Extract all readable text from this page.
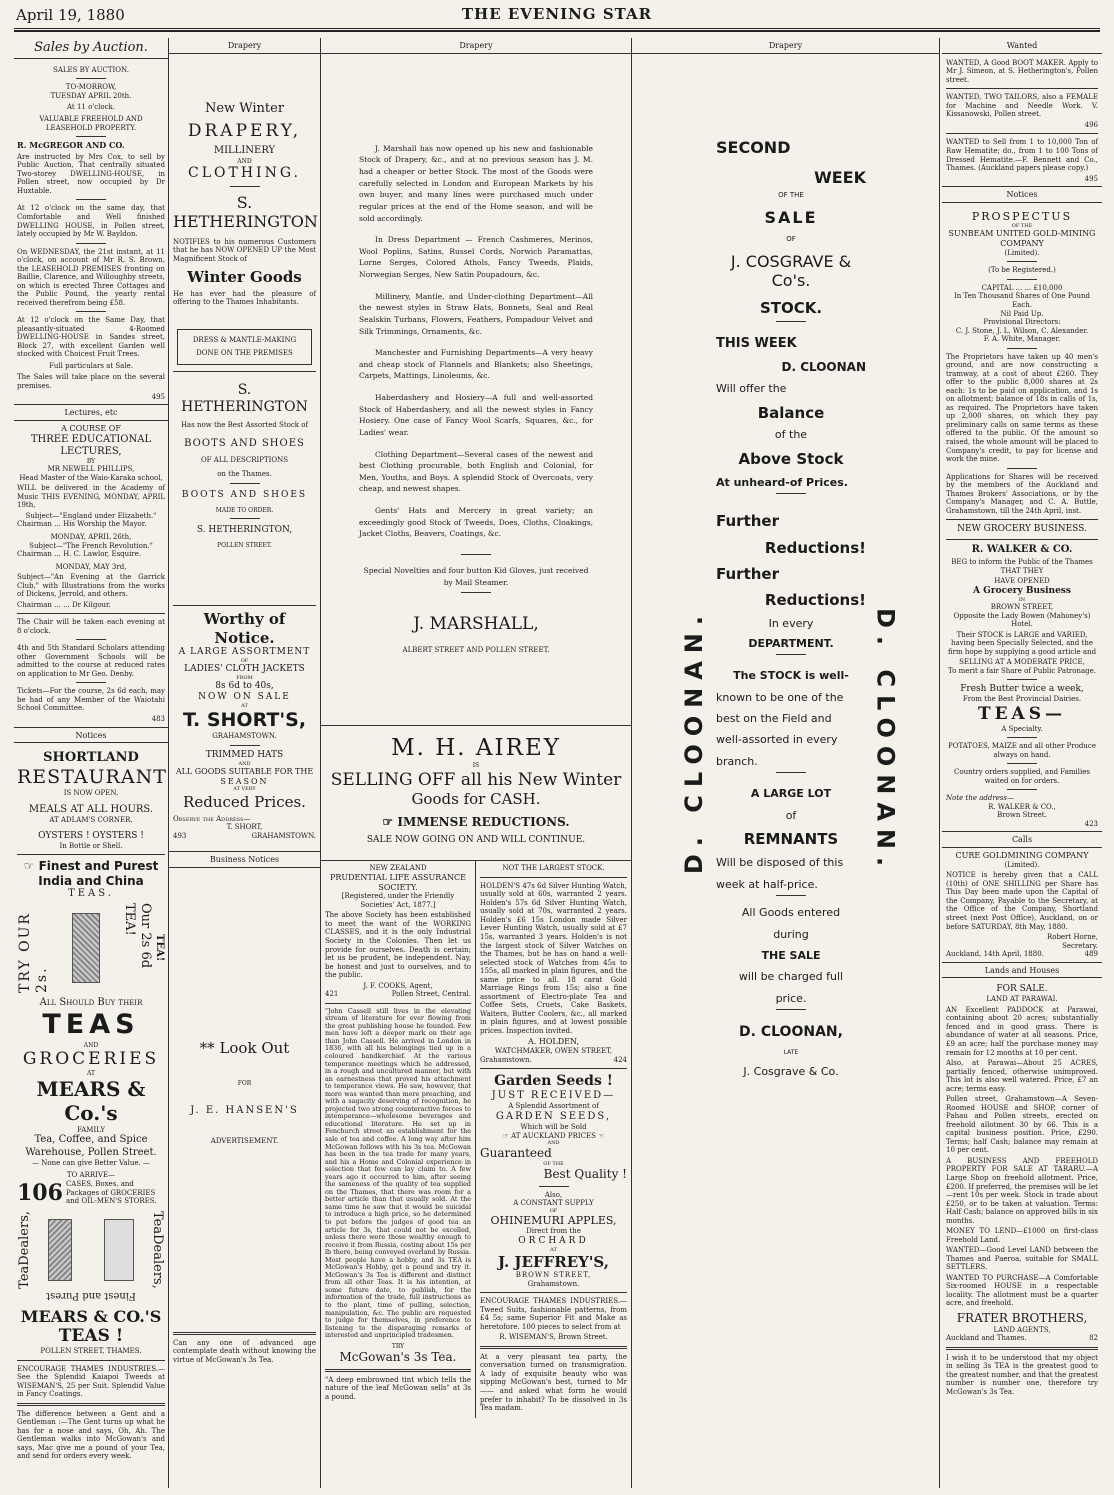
April 19, 1880	THE EVENING STAR
Sales by Auction.
SALES BY AUCTION.
TO-MORROW,
TUESDAY APRIL 20th.
At 11 o'clock.
VALUABLE FREEHOLD AND
LEASEHOLD PROPERTY.
R. McGREGOR AND CO.

Are instructed by Mrs Cox, to sell by Public Auction, That centrally situated Two-storey DWELLING-HOUSE, in Pollen street, now occupied by Dr Huxtable.

At 12 o'clock on the same day, that Comfortable and Well finished DWELLING HOUSE, in Pollen street, lately occupied by Mr W. Bayldon.

On WEDNESDAY, the 21st instant, at 11 o'clock, on account of Mr R. S. Brown, the LEASEHOLD PREMISES fronting on Baillie, Clarence, and Willoughby streets, on which is erected Three Cottages and the Public Pound, the yearly rental received therefrom being £58.

At 12 o'clock on the Same Day, that pleasantly-situated 4-Roomed DWELLING-HOUSE in Sandes street, Block 27, with excellent Garden well stocked with Choicest Fruit Trees.

Full particulars at Sale.

The Sales will take place on the several premises.

495
Lectures, etc
A COURSE OF
THREE EDUCATIONAL
LECTURES,
BY
MR NEWELL PHILLIPS,
Head Master of the Waio-Karaka school,

WILL be delivered in the Academy of Music THIS EVENING, MONDAY, APRIL 19th,

Subject—"England under Elizabeth."
Chairman ... His Worship the Mayor.
MONDAY, APRIL 26th,
Subject—"The French Revolution."
Chairman ... H. C. Lawlor, Esquire.
MONDAY, MAY 3rd,

Subject—"An Evening at the Garrick Club," with Illustrations from the works of Dickens, Jerrold, and others.

Chairman ... ... Dr Kilgour.

The Chair will be taken each evening at 8 o'clock.

4th and 5th Standard Scholars attending other Government Schools will be admitted to the course at reduced rates on application to Mr Geo. Denby.

Tickets—For the course, 2s 6d each, may be had of any Member of the Waiotahi School Committee.

483
Notices
SHORTLAND
RESTAURANT
IS NOW OPEN.
MEALS AT ALL HOURS.
AT ADLAM'S CORNER.
OYSTERS ! OYSTERS !
In Bottle or Shell.
☞ Finest and Purest
India and China
TEAS.
TRY OUR 2s.
Our 2s 6d TEA!
TEA!
All Should Buy their
TEAS
AND
GROCERIES
AT
MEARS & Co.'s
FAMILY
Tea, Coffee, and Spice Warehouse, Pollen Street.
— None can give Better Value. —
TO ARRIVE—
106 CASES, Boxes, and Packages of GROCERIES and OIL-MEN'S STORES.
TeaDealers,	TeaDealers,
Finest and Purest
MEARS & CO.'S
TEAS !
POLLEN STREET, THAMES.

ENCOURAGE THAMES INDUSTRIES.—See the Splendid Kaiapoi Tweeds at WISEMAN'S, 25 per Suit. Splendid Value in Fancy Coatings.

The difference between a Gent and a Gentleman :—The Gent turns up what he has for a nose and says, Oh, Ah. The Gentleman walks into McGowan's and says, Mac give me a pound of your Tea, and send for orders every week.

Drapery
New Winter
DRAPERY,
MILLINERY
AND
CLOTHING.
S. HETHERINGTON

NOTIFIES to his numerous Customers that he has NOW OPENED UP the Most Magnificent Stock of

Winter Goods

He has ever had the pleasure of offering to the Thames Inhabitants.

DRESS & MANTLE-MAKING
DONE ON THE PREMISES
S. HETHERINGTON
Has now the Best Assorted Stock of
BOOTS AND SHOES
OF ALL DESCRIPTIONS
on the Thames.
BOOTS AND SHOES
MADE TO ORDER.
S. HETHERINGTON,
POLLEN STREET.
Worthy of Notice.
A LARGE ASSORTMENT
OF
LADIES' CLOTH JACKETS
FROM
8s 6d to 40s,
NOW ON SALE
AT
T. SHORT'S,
GRAHAMSTOWN.
TRIMMED HATS
AND
ALL GOODS SUITABLE FOR THE
SEASON
AT VERY
Reduced Prices.
Observe the Address—
T. SHORT,
493	GRAHAMSTOWN.
Business Notices
** Look Out
FOR
J. E. HANSEN'S
ADVERTISEMENT.

Can any one of advanced age contemplate death without knowing the virtue of McGowan's 3s Tea.

Drapery

J. Marshall has now opened up his new and fashionable Stock of Drapery, &c., and at no previous season has J. M. had a cheaper or better Stock. The most of the Goods were carefully selected in London and European Markets by his own buyer, and many lines were purchased much under regular prices at the end of the Home season, and will be sold accordingly.

In Dress Department — French Cashmeres, Merinos, Wool Poplins, Satins, Russel Cords, Norwich Paramattas, Lorne Serges, Colored Athols, Fancy Tweeds, Plaids, Norwegian Serges, New Satin Poupadours, &c.

Millinery, Mantle, and Under-clothing Department—All the newest styles in Straw Hats, Bonnets, Seal and Real Sealskin Turbans, Flowers, Feathers, Pompadour Velvet and Silk Trimmings, Ornaments, &c.

Manchester and Furnishing Departments—A very heavy and cheap stock of Flannels and Blankets; also Sheetings, Carpets, Mattings, Linoleums, &c.

Haberdashery and Hosiery—A full and well-assorted Stock of Haberdashery, and all the newest styles in Fancy Hosiery. One case of Fancy Wool Scarfs, Squares, &c., for Ladies' wear.

Clothing Department—Several cases of the newest and best Clothing procurable, both English and Colonial, for Men, Youths, and Boys. A splendid Stock of Overcoats, very cheap, and newest shapes.

Gents' Hats and Mercery in great variety; an exceedingly good Stock of Tweeds, Does, Cloths, Cloakings, Jacket Cloths, Beavers, Coatings, &c.

Special Novelties and four button Kid Gloves, just received by Mail Steamer.

J. MARSHALL,
ALBERT STREET AND POLLEN STREET.
M. H. AIREY
IS
SELLING OFF all his New Winter
Goods for CASH.
☞ IMMENSE REDUCTIONS.
SALE NOW GOING ON AND WILL CONTINUE.
NEW ZEALAND
PRUDENTIAL LIFE ASSURANCE SOCIETY.
[Registered, under the Friendly Societies' Act, 1877.]

The above Society has been established to meet the want of the WORKING CLASSES, and it is the only Industrial Society in the Colonies. Then let us provide for ourselves. Death is certain; let us be prudent, be independent. Nay, be honest and just to ourselves, and to the public.

J. F. COOKS, Agent,
421	Pollen Street, Central.

"John Cassell still lives in the elevating stream of literature for ever flowing from the great publishing house he founded. Few men have left a deeper mark on their age than John Cassell. He arrived in London in 1836, with all his belongings tied up in a coloured handkerchief. At the various temperance meetings which he addressed, in a rough and uncultured manner, but with an earnestness that proved his attachment to temperance views. He saw, however, that more was wanted than mere preaching, and with a sagacity deserving of recognition, he projected two strong counteractive forces to intemperance—wholesome beverages and educational literature. He set up in Fenchurch street an establishment for the sale of tea and coffee. A long way after him McGowan follows with his 3s tea. McGowan has been in the tea trade for many years, and his a Home and Colonial experience in selection that few can lay claim to. A few years ago it occurred to him, after seeing the sameness of the quality of tea supplied on the Thames, that there was room for a better article than that usually sold. At the same time he saw that it would be suicidal to introduce a high price, so he determined to put before the judges of good tea an article for 3s, that could not be excelled, unless there were those wealthy enough to receive it from Russia, costing about 15s per lb there, being conveyed overland by Russia. Most people have a hobby, and 3s TEA is McGowan's Hobby, get a pound and try it. McGowan's 3s Tea is different and distinct from all other Teas. It is his intention, at some future date, to publish, for the information of the trade, full instructions as to the plant, time of pulling, selection, manipulation, &c. The public are requested to judge for themselves, in preference to listening to the disparaging remarks of interested and unprincipled tradesmen.

TRY
McGowan's 3s Tea.

"A deep embrowned tint which tells the nature of the leaf McGowan sells" at 3s a pound.

NOT THE LARGEST STOCK.

HOLDEN'S 47s 6d Silver Hunting Watch, usually sold at 60s, warranted 2 years. Holden's 57s 6d Silver Hunting Watch, usually sold at 70s, warranted 2 years. Holden's £6 15s London made Silver Lever Hunting Watch, usually sold at £7 15s, warranted 3 years. Holden's is not the largest stock of Silver Watches on the Thames, but he has on hand a well-selected stock of Watches from 45s to 155s, all marked in plain figures, and the same price to all. 18 carat Gold Marriage Rings from 15s; also a fine assortment of Electro-plate Tea and Coffee Sets, Cruets, Cake Baskets, Waiters, Butter Coolers, &c., all marked in plain figures, and at lowest possible prices. Inspection invited.

A. HOLDEN,
WATCHMAKER, OWEN STREET,
Grahamstown.	424
Garden Seeds !
JUST RECEIVED—
A Splendid Assortment of
GARDEN SEEDS,
Which will be Sold
☞ AT AUCKLAND PRICES ☜
AND
Guaranteed
OF THE
Best Quality !
Also,
A CONSTANT SUPPLY
OF
OHINEMURI APPLES,
Direct from the
ORCHARD
AT
J. JEFFREY'S,
BROWN STREET,
Grahamstown.

ENCOURAGE THAMES INDUSTRIES.—Tweed Suits, fashionable patterns, from £4 5s; same Superior Fit and Make as heretofore. 100 pieces to select from at

R. WISEMAN'S, Brown Street.

At a very pleasant tea party, the conversation turned on transmigration. A lady of exquisite beauty who was sipping McGowan's best, turned to Mr —— and asked what form he would prefer to inhabit? To be dissolved in 3s Tea madam.

Drapery
D. CLOONAN.	D. CLOONAN.
SECOND
WEEK
OF THE
SALE
OF
J. COSGRAVE & Co's.
STOCK.
THIS WEEK
D. CLOONAN
Will offer the
Balance
of the
Above Stock
At unheard-of Prices.
Further
Reductions!
Further
Reductions!
In every
DEPARTMENT.
The STOCK is well-
known to be one of the
best on the Field and
well-assorted in every
branch.
A LARGE LOT
of
REMNANTS
Will be disposed of this
week at half-price.
All Goods entered
during
THE SALE
will be charged full
price.
D. CLOONAN,
LATE
J. Cosgrave & Co.
Wanted

WANTED, A Good BOOT MAKER. Apply to Mr J. Simeon, at S. Hetherington's, Pollen street.

WANTED, TWO TAILORS, also a FEMALE for Machine and Needle Work. V. Kissanowski, Pollen street.

496

WANTED to Sell from 1 to 10,000 Ton of Raw Hematite; do., from 1 to 100 Tons of Dressed Hematite.—F. Bennett and Co., Thames. (Auckland papers please copy.)

495
Notices
PROSPECTUS
OF THE
SUNBEAM UNITED GOLD-MINING COMPANY
(Limited).
(To be Registered.)
CAPITAL ... ... £10,000
In Ten Thousand Shares of One Pound Each.
Nil Paid Up.
Provisional Directors:
C. J. Stone, J. L. Wilson, C. Alexander.
F. A. White, Manager.

The Proprietors have taken up 40 men's ground, and are now constructing a tramway, at a cost of about £260. They offer to the public 8,000 shares at 2s each: 1s to be paid on application, and 1s on allotment; balance of 18s in calls of 1s, as required. The Proprietors have taken up 2,000 shares, on which they pay preliminary calls on same terms as these offered to the public. Of the amount so raised, the whole amount will be placed to Company's credit, to pay for license and work the mine.

Applications for Shares will be received by the members of the Auckland and Thames Brokers' Associations, or by the Company's Manager, and C. A. Buttle, Grahamstown, till the 24th April, inst.

NEW GROCERY BUSINESS.
R. WALKER & CO.

BEG to inform the Public of the Thames THAT THEY

HAVE OPENED
A Grocery Business
IN
BROWN STREET,
Opposite the Lady Bowen (Mahoney's) Hotel.

Their STOCK is LARGE and VARIED, having been Specially Selected, and the firm hope by supplying a good article and

SELLING AT A MODERATE PRICE,
To merit a fair Share of Public Patronage.
Fresh Butter twice a week,
From the Best Provincial Dairies.
TEAS—
A Specialty.

POTATOES, MAIZE and all other Produce always on hand.

Country orders supplied, and Families waited on for orders.

Note the address—
R. WALKER & CO.,
Brown Street.
423
Calls
CURE GOLDMINING COMPANY
(Limited).

NOTICE is hereby given that a CALL (10th) of ONE SHILLING per Share has This Day been made upon the Capital of the Company, Payable to the Secretary, at the Office of the Company, Shortland street (next Post Office), Auckland, on or before SATURDAY, 8th May, 1880.

Robert Horne,
Secretary.
Auckland, 14th April, 1880.	489
Lands and Houses
FOR SALE.
LAND AT PARAWAI.

AN Excellent PADDOCK at Parawai, containing about 20 acres; substantially fenced and in good grass. There is abundance of water at all seasons. Price, £9 an acre; half the purchase money may remain for 12 months at 10 per cent.

Also, at Parawai—About 25 ACRES, partially fenced, otherwise unimproved. This lot is also well watered. Price, £7 an acre; terms easy.

Pollen street, Grahamstown—A Seven-Roomed HOUSE and SHOP, corner of Pahau and Pollen streets, erected on freehold allotment 30 by 66. This is a capital business position. Price, £290. Terms; half Cash; balance may remain at 10 per cent.

A BUSINESS AND FREEHOLD PROPERTY FOR SALE AT TARARU.—A Large Shop on freehold allotment. Price, £200. If preferred, the premises will be let—rent 10s per week. Stock in trade about £250, or to be taken at valuation. Terms: Half Cash; balance on approved bills in six months.

MONEY TO LEND—£1000 on first-class Freehold Land.

WANTED—Good Level LAND between the Thames and Paeroa, suitable for SMALL SETTLERS.

WANTED TO PURCHASE—A Comfortable Six-roomed HOUSE in a respectable locality. The allotment must be a quarter acre, and freehold.

FRATER BROTHERS,
LAND AGENTS,
Auckland and Thames.	82

I wish it to be understood that my object in selling 3s TEA is the greatest good to the greatest number, and that the greatest number is number one, therefore try McGowan's 3s Tea.
